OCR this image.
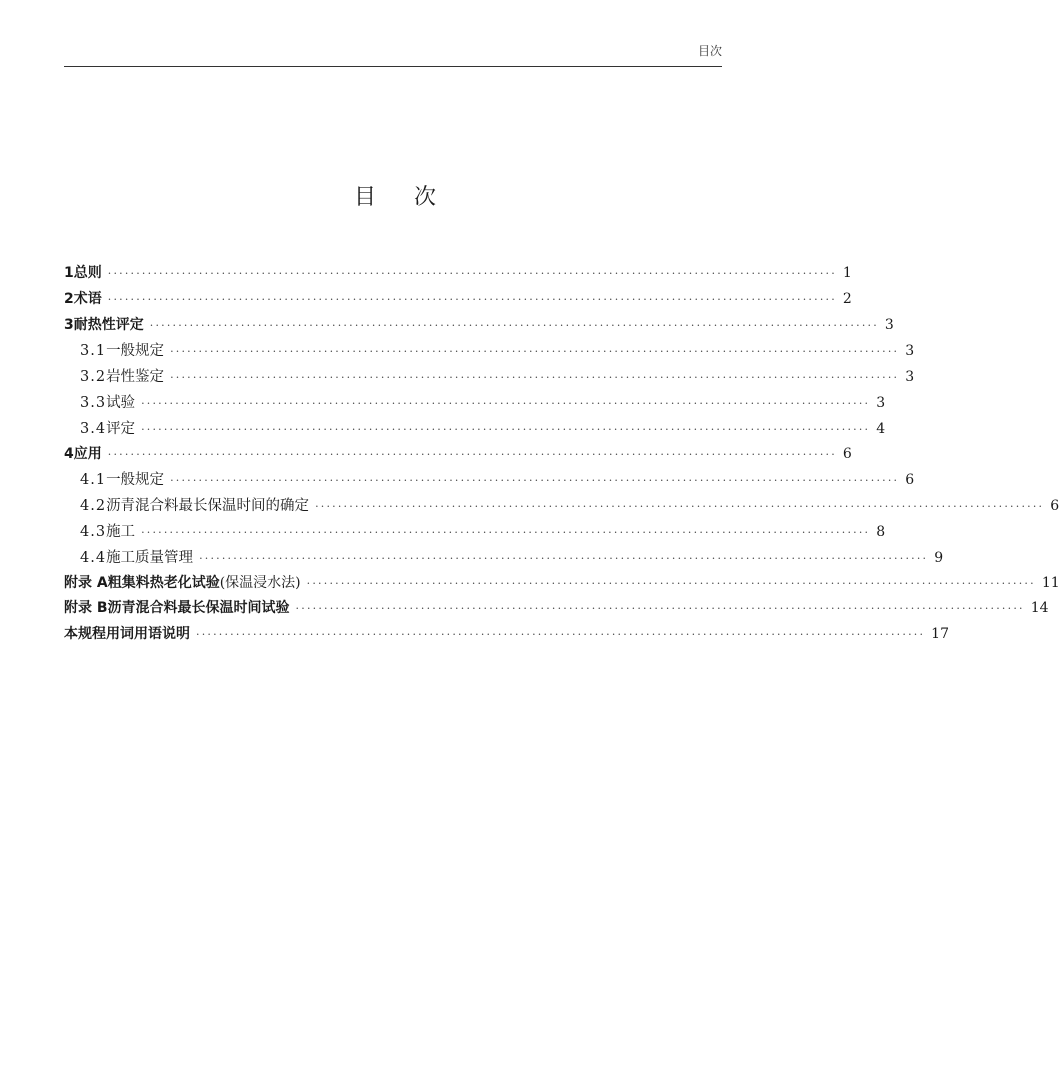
目次
目次
1 总则 ································································································································ 1
2 术语 ································································································································ 2
3 耐热性评定 ································································································································ 3
3.1 一般规定 ································································································································ 3
3.2 岩性鉴定 ································································································································ 3
3.3 试验 ································································································································ 3
3.4 评定 ································································································································ 4
4 应用 ································································································································ 6
4.1 一般规定 ································································································································ 6
4.2 沥青混合料最长保温时间的确定 ································································································································ 6
4.3 施工 ································································································································ 8
4.4 施工质量管理 ································································································································ 9
附录 A 粗集料热老化试验(保温浸水法) ································································································································ 11
附录 B 沥青混合料最长保温时间试验 ································································································································ 14
本规程用词用语说明 ································································································································ 17
